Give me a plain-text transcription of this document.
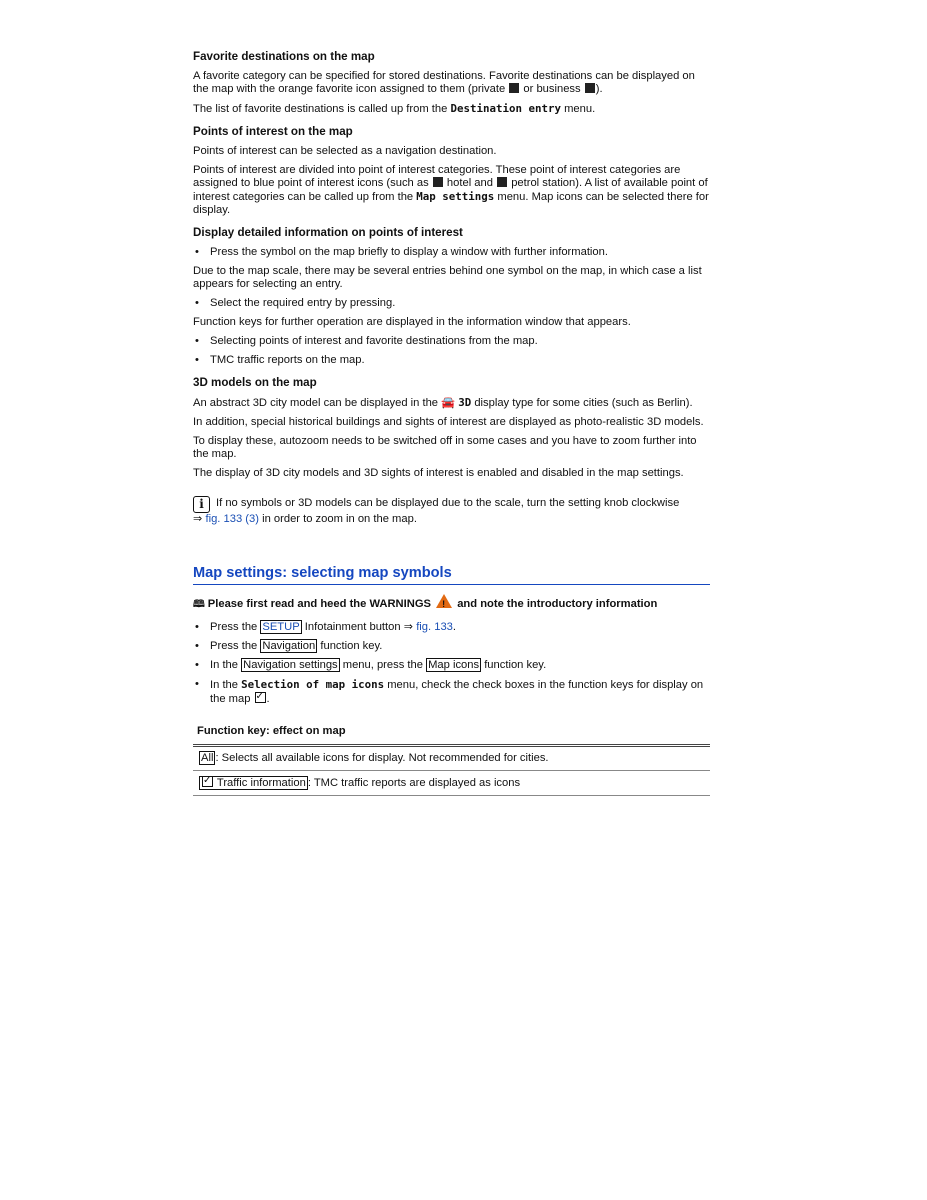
Favorite destinations on the map

A favorite category can be specified for stored destinations. Favorite destinations can be displayed on the map with the orange favorite icon assigned to them (private or business ).

The list of favorite destinations is called up from the Destination entry menu.

Points of interest on the map

Points of interest can be selected as a navigation destination.

Points of interest are divided into point of interest categories. These point of interest categories are assigned to blue point of interest icons (such as hotel and petrol station). A list of available point of interest categories can be called up from the Map settings menu. Map icons can be selected there for display.

Display detailed information on points of interest
• Press the symbol on the map briefly to display a window with further information.

Due to the map scale, there may be several entries behind one symbol on the map, in which case a list appears for selecting an entry.

• Select the required entry by pressing.

Function keys for further operation are displayed in the information window that appears.

• Selecting points of interest and favorite destinations from the map.
• TMC traffic reports on the map.
3D models on the map

An abstract 3D city model can be displayed in the 🚘 3D display type for some cities (such as Berlin).

In addition, special historical buildings and sights of interest are displayed as photo-realistic 3D models.

To display these, autozoom needs to be switched off in some cases and you have to zoom further into the map.

The display of 3D city models and 3D sights of interest is enabled and disabled in the map settings.

i If no symbols or 3D models can be displayed due to the scale, turn the setting knob clockwise
⇒ fig. 133 (3) in order to zoom in on the map.
Map settings: selecting map symbols
🕮 Please first read and heed the WARNINGS ! and note the introductory information
• Press the SETUP Infotainment button ⇒ fig. 133.
• Press the Navigation function key.
• In the Navigation settings menu, press the Map icons function key.
• In the Selection of map icons menu, check the check boxes in the function keys for display on the map ✓ .
Function key: effect on map
All : Selects all available icons for display. Not recommended for cities.
✓ Traffic information : TMC traffic reports are displayed as icons
